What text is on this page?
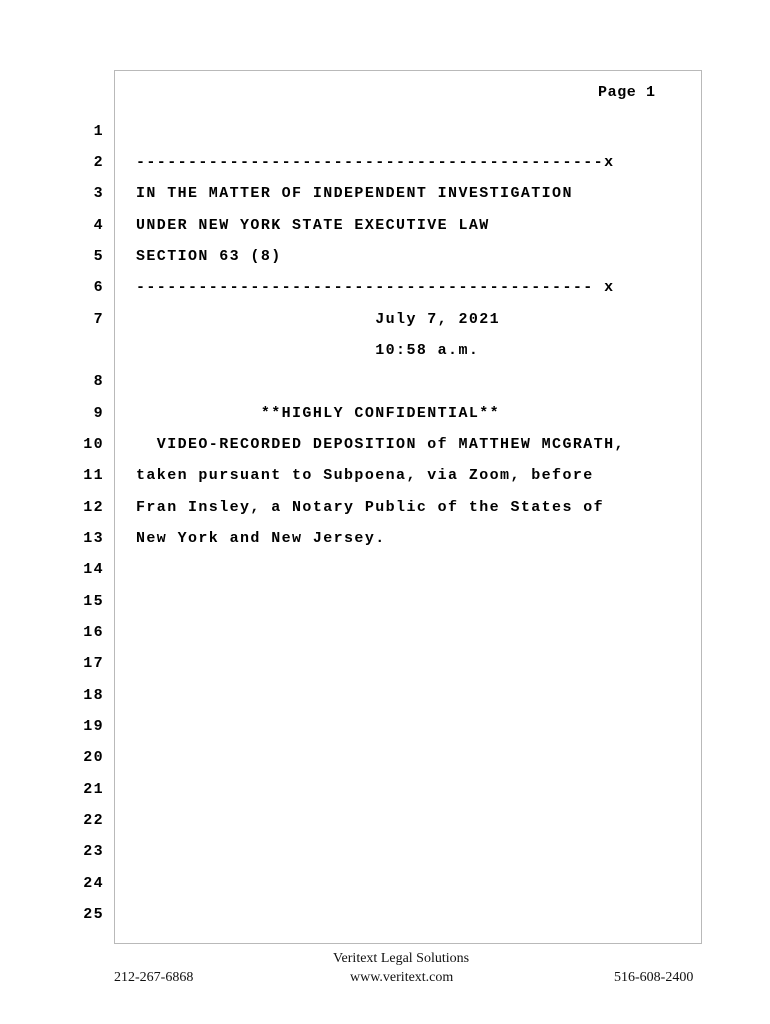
Page 1
1
2 ---------------------------------------------x
3 IN THE MATTER OF INDEPENDENT INVESTIGATION
4 UNDER NEW YORK STATE EXECUTIVE LAW
5 SECTION 63 (8)
6 -------------------------------------------- x
7 July 7, 2021
10:58 a.m.
8
9 **HIGHLY CONFIDENTIAL**
10 VIDEO-RECORDED DEPOSITION of MATTHEW MCGRATH,
11 taken pursuant to Subpoena, via Zoom, before
12 Fran Insley, a Notary Public of the States of
13 New York and New Jersey.
14
15
16
17
18
19
20
21
22
23
24
25
Veritext Legal Solutions
212-267-6868	www.veritext.com	516-608-2400
